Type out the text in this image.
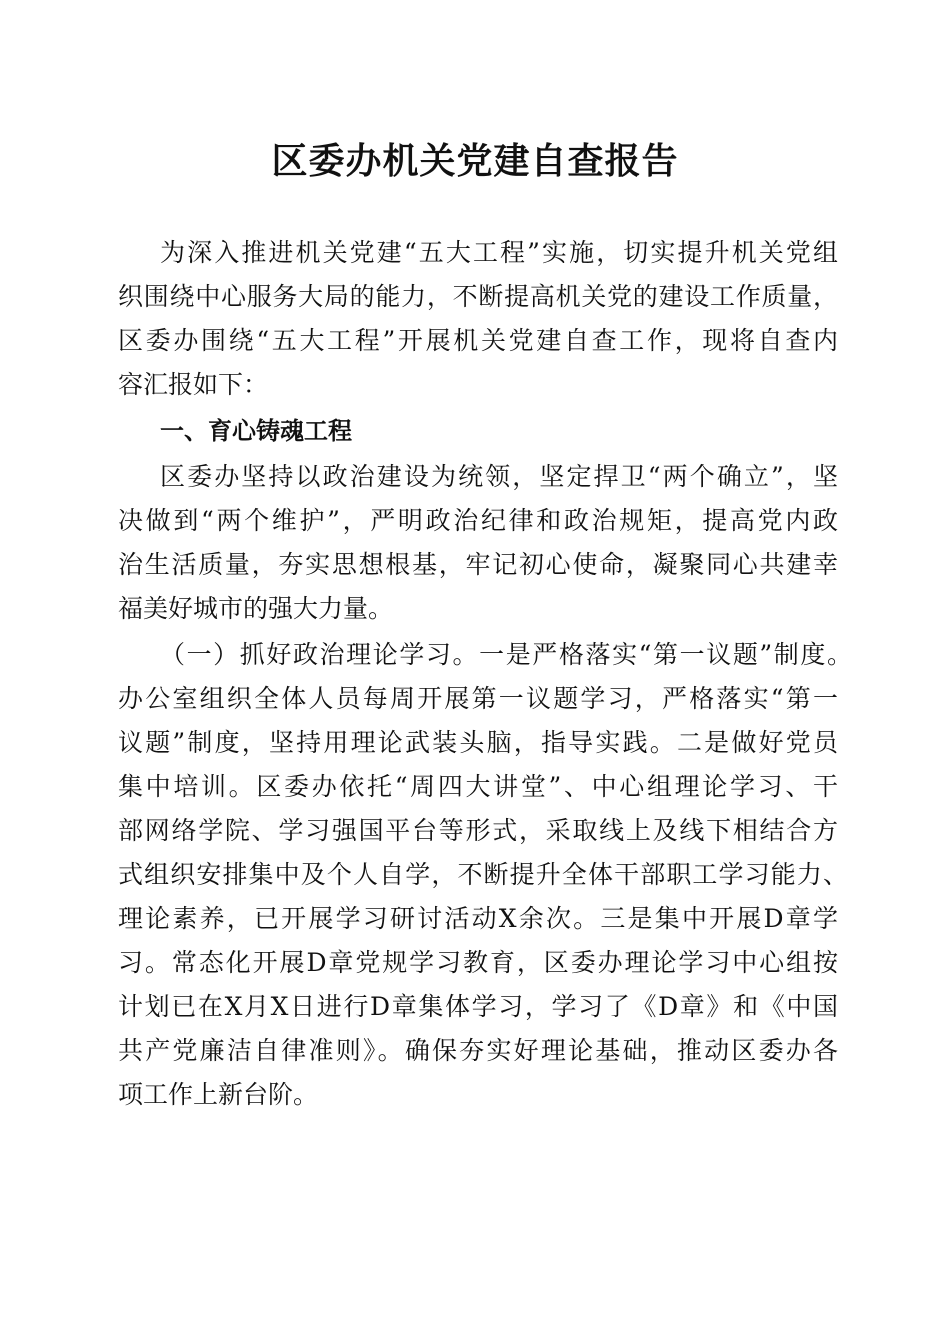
区委办机关党建自查报告
为深入推进机关党建“五大工程”实施，切实提升机关党组
织围绕中心服务大局的能力，不断提高机关党的建设工作质量，
区委办围绕“五大工程”开展机关党建自查工作，现将自查内
容汇报如下：
一、育心铸魂工程
区委办坚持以政治建设为统领，坚定捍卫“两个确立”，坚
决做到“两个维护”，严明政治纪律和政治规矩，提高党内政
治生活质量，夯实思想根基，牢记初心使命，凝聚同心共建幸
福美好城市的强大力量。
（一）抓好政治理论学习。一是严格落实“第一议题”制度。
办公室组织全体人员每周开展第一议题学习，严格落实“第一
议题”制度，坚持用理论武装头脑，指导实践。二是做好党员
集中培训。区委办依托“周四大讲堂”、中心组理论学习、干
部网络学院、学习强国平台等形式，采取线上及线下相结合方
式组织安排集中及个人自学，不断提升全体干部职工学习能力、
理论素养，已开展学习研讨活动X余次。三是集中开展D章学
习。常态化开展D章党规学习教育，区委办理论学习中心组按
计划已在X月X日进行D章集体学习，学习了《D章》和《中国
共产党廉洁自律准则》。确保夯实好理论基础，推动区委办各
项工作上新台阶。
